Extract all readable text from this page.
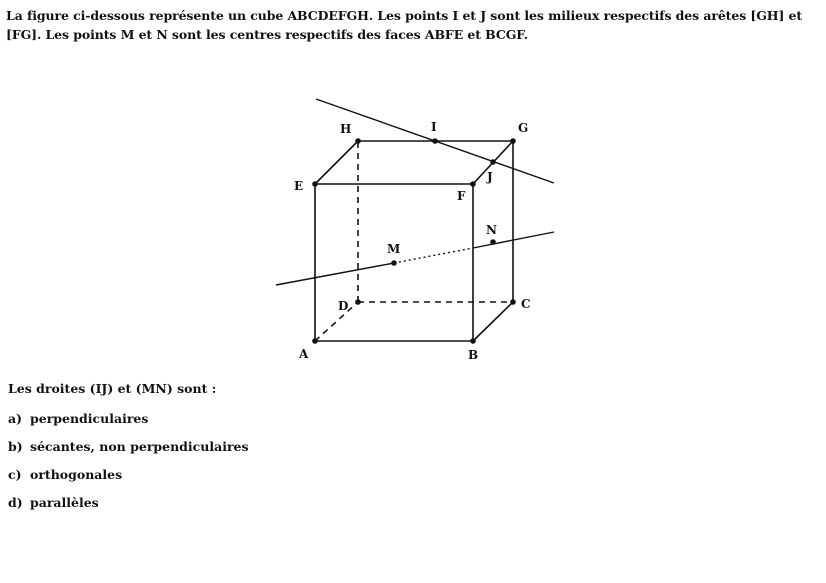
La figure ci-dessous représente un cube ABCDEFGH. Les points I et J sont les milieux respectifs des arêtes [GH] et [FG]. Les points M et N sont les centres respectifs des faces ABFE et BCGF.
A	B
C
D
E
F
G
H	I
J
M
N
Les droites (IJ) et (MN) sont :
a) perpendiculaires
b) sécantes, non perpendiculaires
c) orthogonales
d) parallèles
